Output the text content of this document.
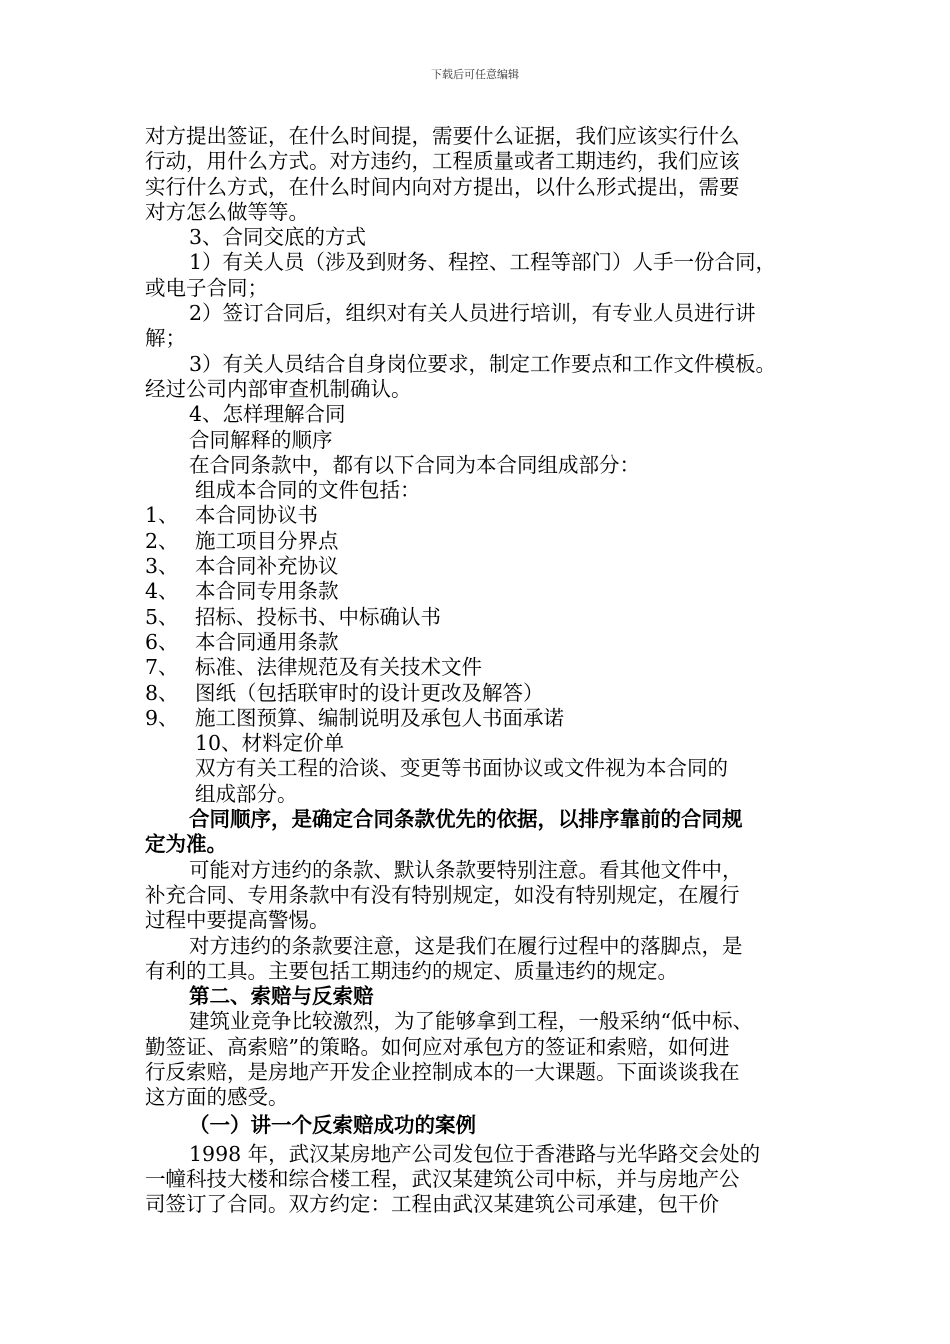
下载后可任意编辑

对方提出签证，在什么时间提，需要什么证据，我们应该实行什么

行动，用什么方式。对方违约，工程质量或者工期违约，我们应该

实行什么方式，在什么时间内向对方提出，以什么形式提出，需要

对方怎么做等等。

3、合同交底的方式

1）有关人员（涉及到财务、程控、工程等部门）人手一份合同，

或电子合同；

2）签订合同后，组织对有关人员进行培训，有专业人员进行讲

解；

3）有关人员结合自身岗位要求，制定工作要点和工作文件模板。

经过公司内部审查机制确认。

4、怎样理解合同

合同解释的顺序

在合同条款中，都有以下合同为本合同组成部分：

组成本合同的文件包括：

1、 本合同协议书

2、 施工项目分界点

3、 本合同补充协议

4、 本合同专用条款

5、 招标、投标书、中标确认书

6、 本合同通用条款

7、 标准、法律规范及有关技术文件

8、 图纸（包括联审时的设计更改及解答）

9、 施工图预算、编制说明及承包人书面承诺

10、材料定价单

双方有关工程的洽谈、变更等书面协议或文件视为本合同的

组成部分。

合同顺序，是确定合同条款优先的依据，以排序靠前的合同规

定为准。

可能对方违约的条款、默认条款要特别注意。看其他文件中，

补充合同、专用条款中有没有特别规定，如没有特别规定，在履行

过程中要提高警惕。

对方违约的条款要注意，这是我们在履行过程中的落脚点，是

有利的工具。主要包括工期违约的规定、质量违约的规定。

第二、索赔与反索赔

建筑业竞争比较激烈，为了能够拿到工程，一般采纳“低中标、

勤签证、高索赔”的策略。如何应对承包方的签证和索赔，如何进

行反索赔，是房地产开发企业控制成本的一大课题。下面谈谈我在

这方面的感受。

（一）讲一个反索赔成功的案例

1998 年，武汉某房地产公司发包位于香港路与光华路交会处的

一幢科技大楼和综合楼工程，武汉某建筑公司中标，并与房地产公

司签订了合同。双方约定：工程由武汉某建筑公司承建，包干价
